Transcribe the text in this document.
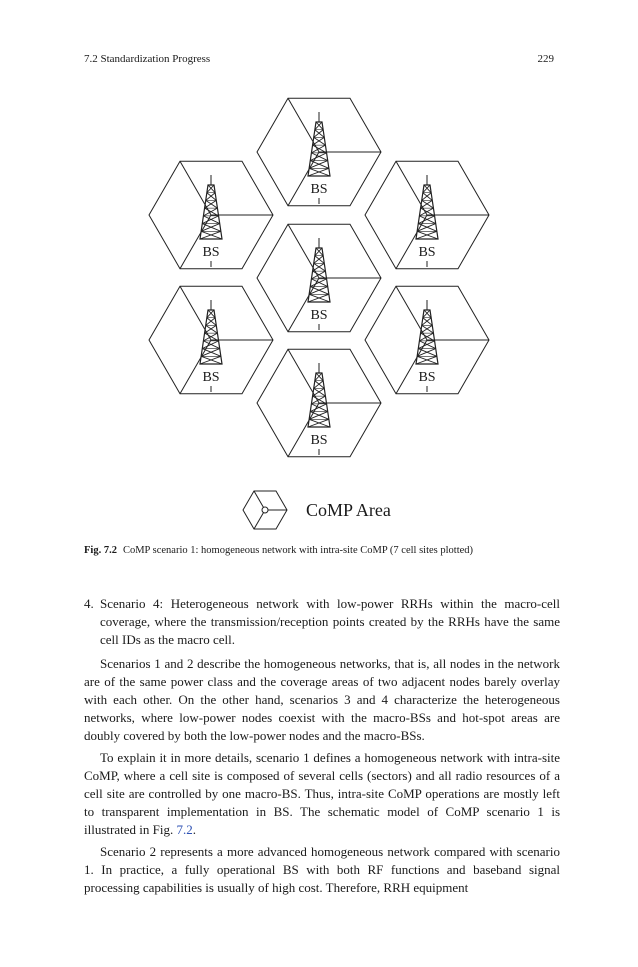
7.2 Standardization Progress	229
BS
BS	BS
BS
BS	BS
BS
CoMP Area
Fig. 7.2 CoMP scenario 1: homogeneous network with intra-site CoMP (7 cell sites plotted)

4. Scenario 4: Heterogeneous network with low-power RRHs within the macro-cell coverage, where the transmission/reception points created by the RRHs have the same cell IDs as the macro cell.

Scenarios 1 and 2 describe the homogeneous networks, that is, all nodes in the network are of the same power class and the coverage areas of two adjacent nodes barely overlay with each other. On the other hand, scenarios 3 and 4 characterize the heterogeneous networks, where low-power nodes coexist with the macro-BSs and hot-spot areas are doubly covered by both the low-power nodes and the macro-BSs.

To explain it in more details, scenario 1 defines a homogeneous network with intra-site CoMP, where a cell site is composed of several cells (sectors) and all radio resources of a cell site are controlled by one macro-BS. Thus, intra-site CoMP operations are mostly left to transparent implementation in BS. The schematic model of CoMP scenario 1 is illustrated in Fig. 7.2.

Scenario 2 represents a more advanced homogeneous network compared with scenario 1. In practice, a fully operational BS with both RF functions and baseband signal processing capabilities is usually of high cost. Therefore, RRH equipment
